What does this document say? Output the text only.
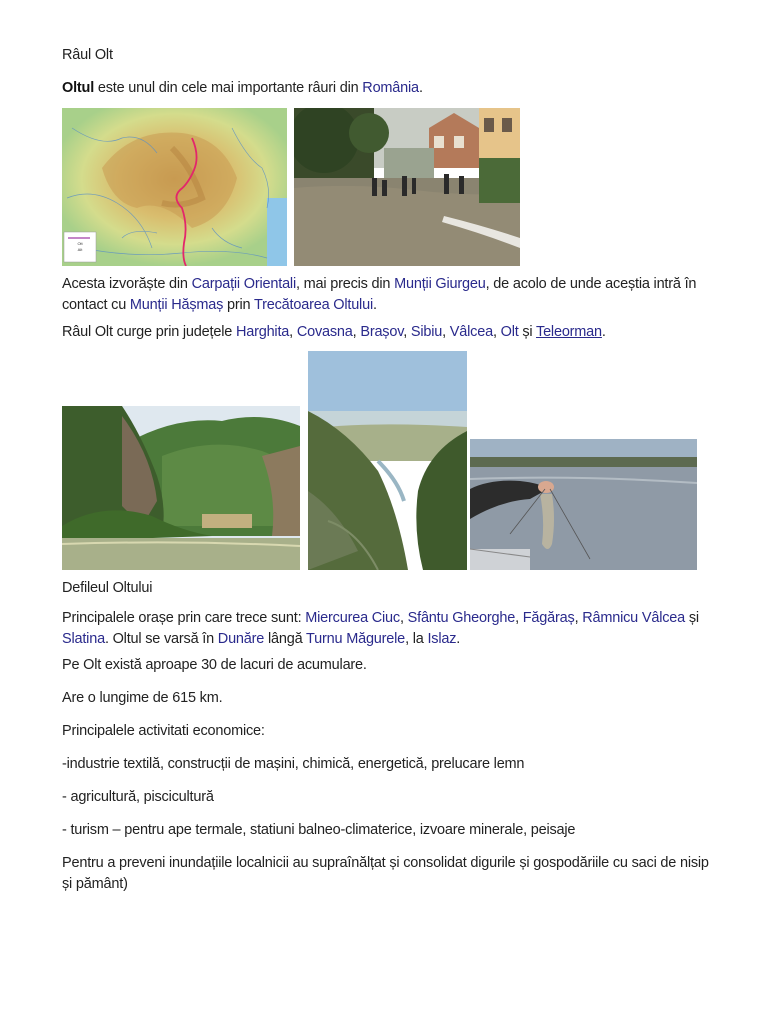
Râul Olt
Oltul este unul din cele mai importante râuri din România.
Olt
Alt
Acesta izvorăște din Carpații Orientali, mai precis din Munții Giurgeu, de acolo de unde aceștia intră în contact cu Munții Hășmaș prin Trecătoarea Oltului.
Râul Olt curge prin județele Harghita, Covasna, Brașov, Sibiu, Vâlcea, Olt și Teleorman.
Defileul Oltului
Principalele orașe prin care trece sunt: Miercurea Ciuc, Sfântu Gheorghe, Făgăraș, Râmnicu Vâlcea și Slatina. Oltul se varsă în Dunăre lângă Turnu Măgurele, la Islaz.
Pe Olt există aproape 30 de lacuri de acumulare.
Are o lungime de 615 km.
Principalele activitati economice:
-industrie textilă, construcții de mașini, chimică, energetică, prelucare lemn
- agricultură, piscicultură
- turism – pentru ape termale, statiuni balneo-climaterice, izvoare minerale, peisaje
Pentru a preveni inundațiile localnicii au supraînălțat și consolidat digurile și gospodăriile cu saci de nisip și pământ)
